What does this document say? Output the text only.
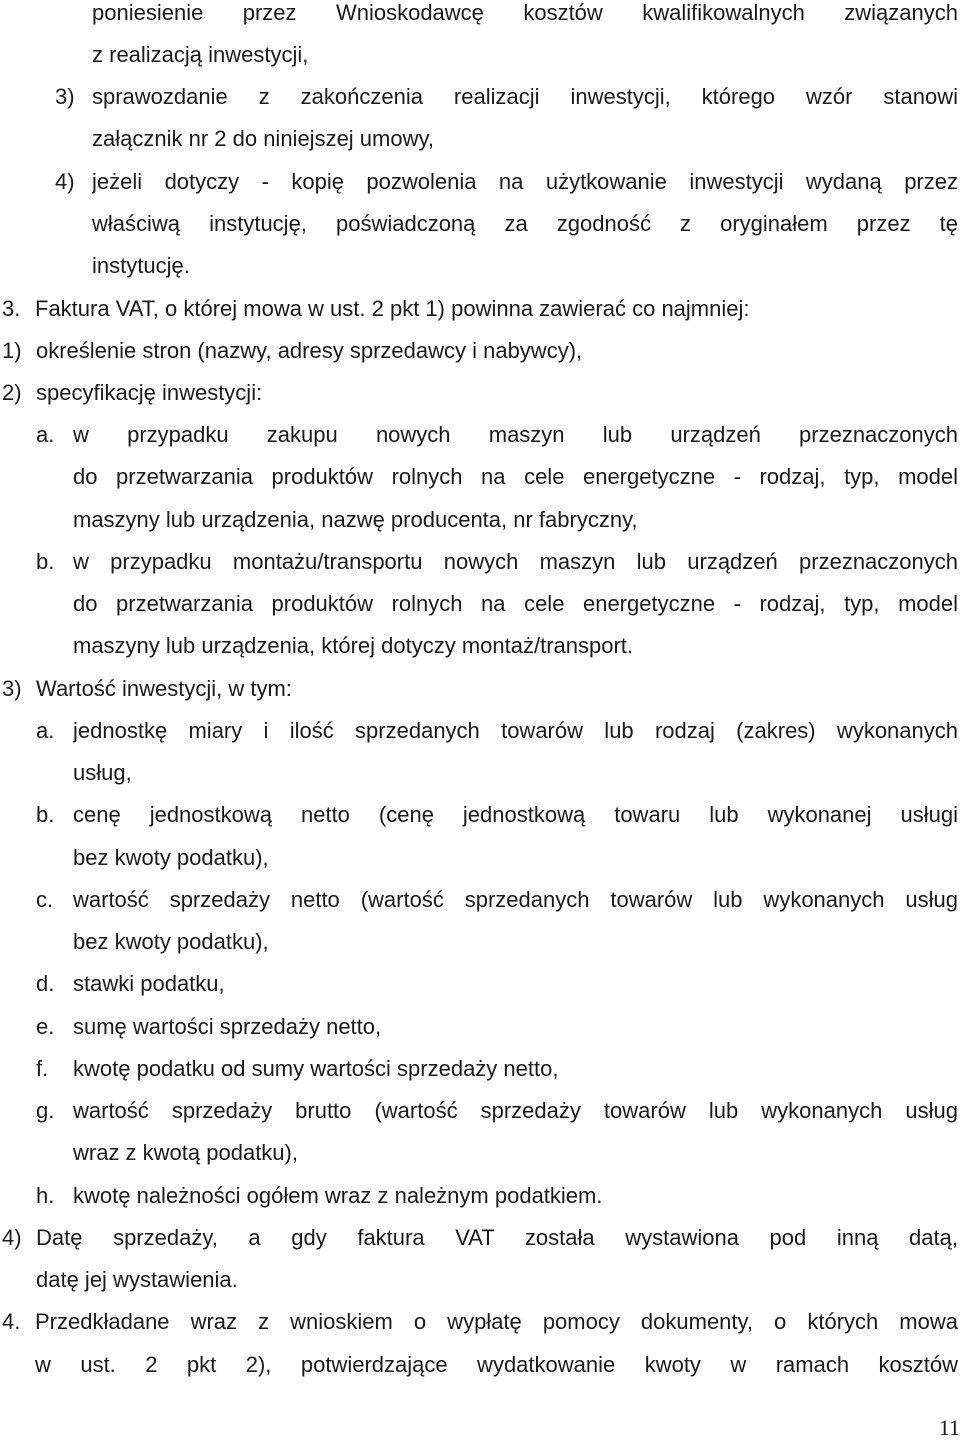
poniesienie przez Wnioskodawcę kosztów kwalifikowalnych związanych
z realizacją inwestycji,
3) sprawozdanie z zakończenia realizacji inwestycji, którego wzór stanowi
załącznik nr 2 do niniejszej umowy,
4) jeżeli dotyczy - kopię pozwolenia na użytkowanie inwestycji wydaną przez
właściwą instytucję, poświadczoną za zgodność z oryginałem przez tę
instytucję.
3. Faktura VAT, o której mowa w ust. 2 pkt 1) powinna zawierać co najmniej:
1) określenie stron (nazwy, adresy sprzedawcy i nabywcy),
2) specyfikację inwestycji:
a. w przypadku zakupu nowych maszyn lub urządzeń przeznaczonych
do przetwarzania produktów rolnych na cele energetyczne - rodzaj, typ, model
maszyny lub urządzenia, nazwę producenta, nr fabryczny,
b. w przypadku montażu/transportu nowych maszyn lub urządzeń przeznaczonych
do przetwarzania produktów rolnych na cele energetyczne - rodzaj, typ, model
maszyny lub urządzenia, której dotyczy montaż/transport.
3) Wartość inwestycji, w tym:
a. jednostkę miary i ilość sprzedanych towarów lub rodzaj (zakres) wykonanych
usług,
b. cenę jednostkową netto (cenę jednostkową towaru lub wykonanej usługi
bez kwoty podatku),
c. wartość sprzedaży netto (wartość sprzedanych towarów lub wykonanych usług
bez kwoty podatku),
d. stawki podatku,
e. sumę wartości sprzedaży netto,
f. kwotę podatku od sumy wartości sprzedaży netto,
g. wartość sprzedaży brutto (wartość sprzedaży towarów lub wykonanych usług
wraz z kwotą podatku),
h. kwotę należności ogółem wraz z należnym podatkiem.
4) Datę sprzedaży, a gdy faktura VAT została wystawiona pod inną datą,
datę jej wystawienia.
4. Przedkładane wraz z wnioskiem o wypłatę pomocy dokumenty, o których mowa
w ust. 2 pkt 2), potwierdzające wydatkowanie kwoty w ramach kosztów
11
